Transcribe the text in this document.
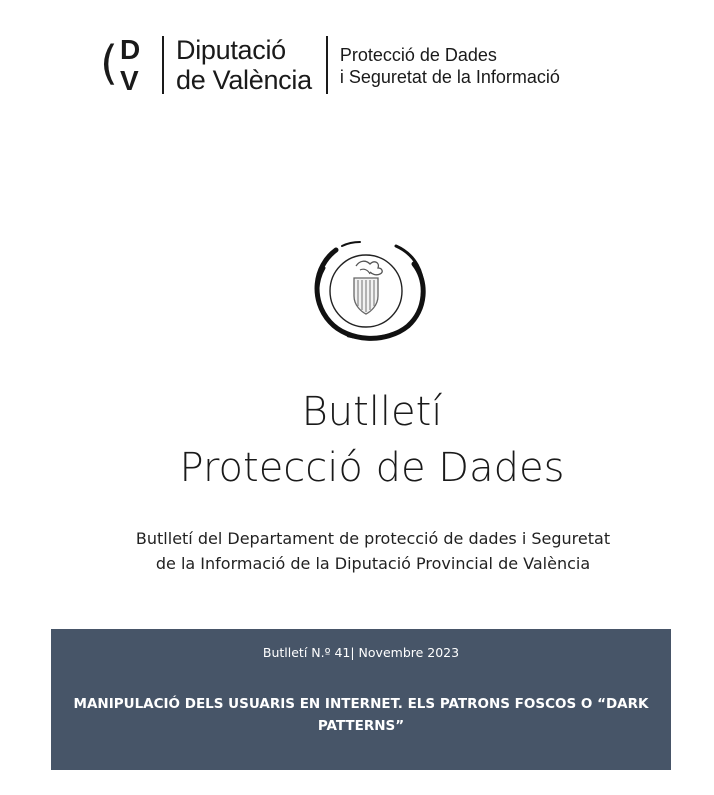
( D
V
Diputació
de València
Protecció de Dades
i Seguretat de la Informació
Butlletí
Protecció de Dades
Butlletí del Departament de protecció de dades i Seguretat
de la Informació de la Diputació Provincial de València
Butlletí N.º 41| Novembre 2023
MANIPULACIÓ DELS USUARIS EN INTERNET. ELS PATRONS FOSCOS O “DARK
PATTERNS”
